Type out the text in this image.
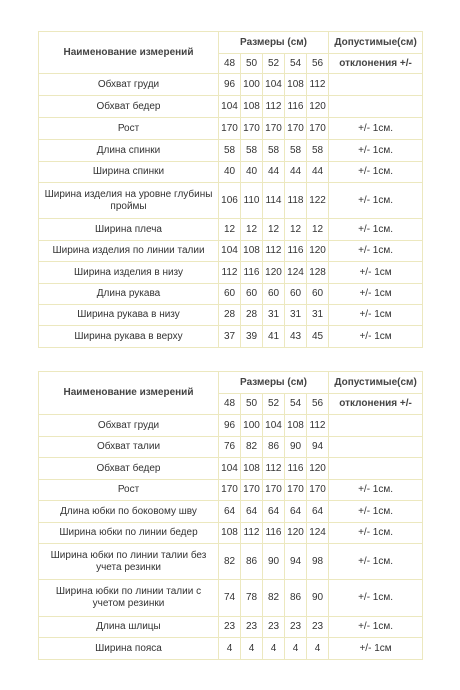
Наименование измерений	Размеры (см)					Допустимые(см)
	48	50	52	54	56	отклонения +/-
Обхват груди	96	100	104	108	112	
Обхват бедер	104	108	112	116	120	
Рост	170	170	170	170	170	+/- 1см.
Длина спинки	58	58	58	58	58	+/- 1см.
Ширина спинки	40	40	44	44	44	+/- 1см.
Ширина изделия на уровне глубины проймы	106	110	114	118	122	+/- 1см.
Ширина плеча	12	12	12	12	12	+/- 1см.
Ширина изделия по линии талии	104	108	112	116	120	+/- 1см.
Ширина изделия в низу	112	116	120	124	128	+/- 1см
Длина рукава	60	60	60	60	60	+/- 1см
Ширина рукава в низу	28	28	31	31	31	+/- 1см
Ширина рукава в верху	37	39	41	43	45	+/- 1см
Наименование измерений	Размеры (см)					Допустимые(см)
	48	50	52	54	56	отклонения +/-
Обхват груди	96	100	104	108	112	
Обхват талии	76	82	86	90	94	
Обхват бедер	104	108	112	116	120	
Рост	170	170	170	170	170	+/- 1см.
Длина юбки по боковому шву	64	64	64	64	64	+/- 1см.
Ширина юбки по линии бедер	108	112	116	120	124	+/- 1см.
Ширина юбки по линии талии без учета резинки	82	86	90	94	98	+/- 1см.
Ширина юбки по линии талии с учетом резинки	74	78	82	86	90	+/- 1см.
Длина шлицы	23	23	23	23	23	+/- 1см.
Ширина пояса	4	4	4	4	4	+/- 1см
